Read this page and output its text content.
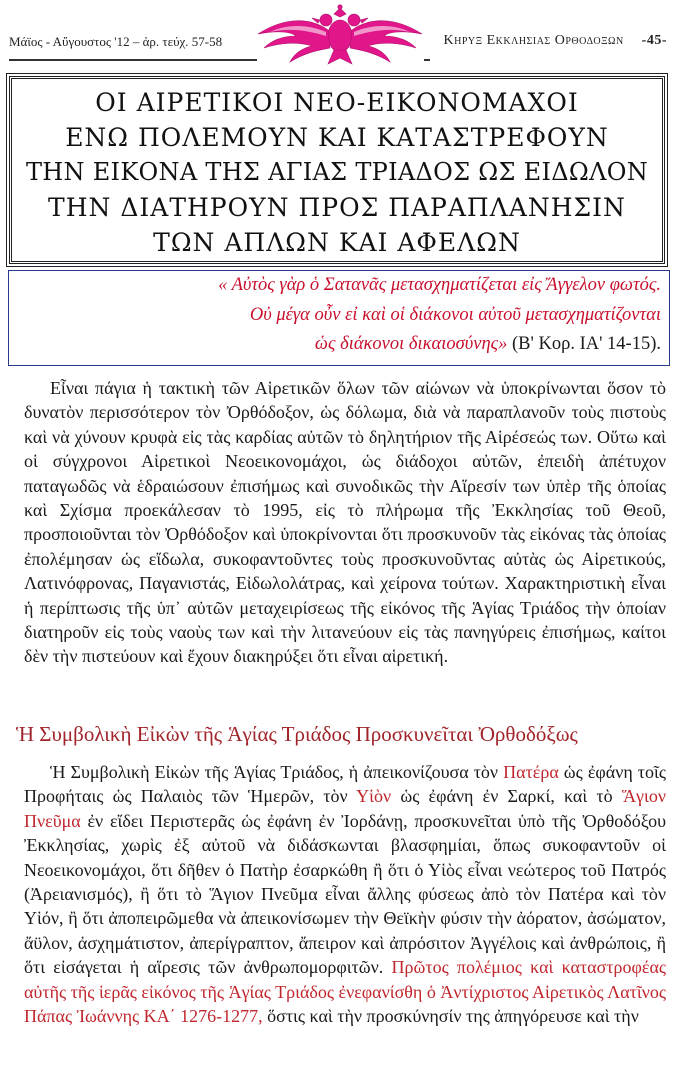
Μάϊος - Αὔγουστος '12 – ἀρ. τεύχ. 57-58	Κηρυξ Εκκλησιας Ορθοδοξων -45-
ΟΙ ΑΙΡΕΤΙΚΟΙ ΝΕΟ-ΕΙΚΟΝΟΜΑΧΟΙ
ΕΝΩ ΠΟΛΕΜΟΥΝ ΚΑΙ ΚΑΤΑΣΤΡΕΦΟΥΝ
ΤΗΝ ΕΙΚΟΝΑ ΤΗΣ ΑΓΙΑΣ ΤΡΙΑΔΟΣ ΩΣ ΕΙΔΩΛΟΝ
ΤΗΝ ΔΙΑΤΗΡΟΥΝ ΠΡΟΣ ΠΑΡΑΠΛΑΝΗΣΙΝ
ΤΩΝ ΑΠΛΩΝ ΚΑΙ ΑΦΕΛΩΝ
« Αὐτὸς γὰρ ὁ Σατανᾶς μετασχηματίζεται εἰς Ἄγγελον φωτός.
Οὐ μέγα οὖν εἰ καὶ οἱ διάκονοι αὐτοῦ μετασχηματίζονται
ὡς διάκονοι δικαιοσύνης» (Β' Κορ. ΙΑ' 14-15).

Εἶναι πάγια ἡ τακτικὴ τῶν Αἱρετικῶν ὅλων τῶν αἰώνων νὰ ὑποκρίνωνται ὅσον τὸ δυνατὸν περισσότερον τὸν Ὀρθόδοξον, ὡς δόλωμα, διὰ νὰ παραπλανοῦν τοὺς πιστοὺς καὶ νὰ χύνουν κρυφὰ εἰς τὰς καρδίας αὐτῶν τὸ δηλητήριον τῆς Αἱρέσεώς των. Οὕτω καὶ οἱ σύγχρονοι Αἱρετικοὶ Νεοεικονομάχοι, ὡς διάδοχοι αὐτῶν, ἐπειδὴ ἀπέτυχον παταγωδῶς νὰ ἑδραιώσουν ἐπισήμως καὶ συνοδικῶς τὴν Αἵρεσίν των ὑπὲρ τῆς ὁποίας καὶ Σχίσμα προεκάλεσαν τὸ 1995, εἰς τὸ πλήρωμα τῆς Ἐκκλησίας τοῦ Θεοῦ, προσποιοῦνται τὸν Ὀρθόδοξον καὶ ὑποκρίνονται ὅτι προσκυνοῦν τὰς εἰκόνας τὰς ὁποίας ἐπολέμησαν ὡς εἴδωλα, συκοφαντοῦντες τοὺς προσκυνοῦντας αὐτὰς ὡς Αἱρετικούς, Λατινόφρονας, Παγανιστάς, Εἰδωλολάτρας, καὶ χείρονα τούτων. Χαρακτηριστικὴ εἶναι ἡ περίπτωσις τῆς ὑπ᾽ αὐτῶν μεταχειρίσεως τῆς εἰκόνος τῆς Ἁγίας Τριάδος τὴν ὁποίαν διατηροῦν εἰς τοὺς ναοὺς των καὶ τὴν λιτανεύουν εἰς τὰς πανηγύρεις ἐπισήμως, καίτοι δὲν τὴν πιστεύουν καὶ ἔχουν διακηρύξει ὅτι εἶναι αἱρετική.

Ἡ Συμβολικὴ Εἰκὼν τῆς Ἁγίας Τριάδος Προσκυνεῖται Ὀρθοδόξως

Ἡ Συμβολικὴ Εἰκὼν τῆς Ἁγίας Τριάδος, ἡ ἀπεικονίζουσα τὸν Πατέρα ὡς ἐφάνη τοῖς Προφήταις ὡς Παλαιὸς τῶν Ἡμερῶν, τὸν Υἱὸν ὡς ἐφάνη ἐν Σαρκί, καὶ τὸ Ἅγιον Πνεῦμα ἐν εἴδει Περιστερᾶς ὡς ἐφάνη ἐν Ἰορδάνῃ, προσκυνεῖται ὑπὸ τῆς Ὀρθοδόξου Ἐκκλησίας, χωρὶς ἐξ αὐτοῦ νὰ διδάσκωνται βλασφημίαι, ὅπως συκοφαντοῦν οἱ Νεοεικονομάχοι, ὅτι δῆθεν ὁ Πατὴρ ἐσαρκώθη ἢ ὅτι ὁ Υἱὸς εἶναι νεώτερος τοῦ Πατρός (Ἀρειανισμός), ἢ ὅτι τὸ Ἅγιον Πνεῦμα εἶναι ἄλλης φύσεως ἀπὸ τὸν Πατέρα καὶ τὸν Υἱόν, ἢ ὅτι ἀποπειρῶμεθα νὰ ἀπεικονίσωμεν τὴν Θεϊκὴν φύσιν τὴν ἀόρατον, ἀσώματον, ἄϋλον, ἀσχημάτιστον, ἀπερίγραπτον, ἄπειρον καὶ ἀπρόσιτον Ἀγγέλοις καὶ ἀνθρώποις, ἢ ὅτι εἰσάγεται ἡ αἵρεσις τῶν ἀνθρωπομορφιτῶν. Πρῶτος πολέμιος καὶ καταστροφέας αὐτῆς τῆς ἱερᾶς εἰκόνος τῆς Ἁγίας Τριάδος ἐνεφανίσθη ὁ Ἀντίχριστος Αἱρετικὸς Λατῖνος Πάπας Ἰωάννης ΚΑ΄ 1276-1277, ὅστις καὶ τὴν προσκύνησίν της ἀπηγόρευσε καὶ τὴν
